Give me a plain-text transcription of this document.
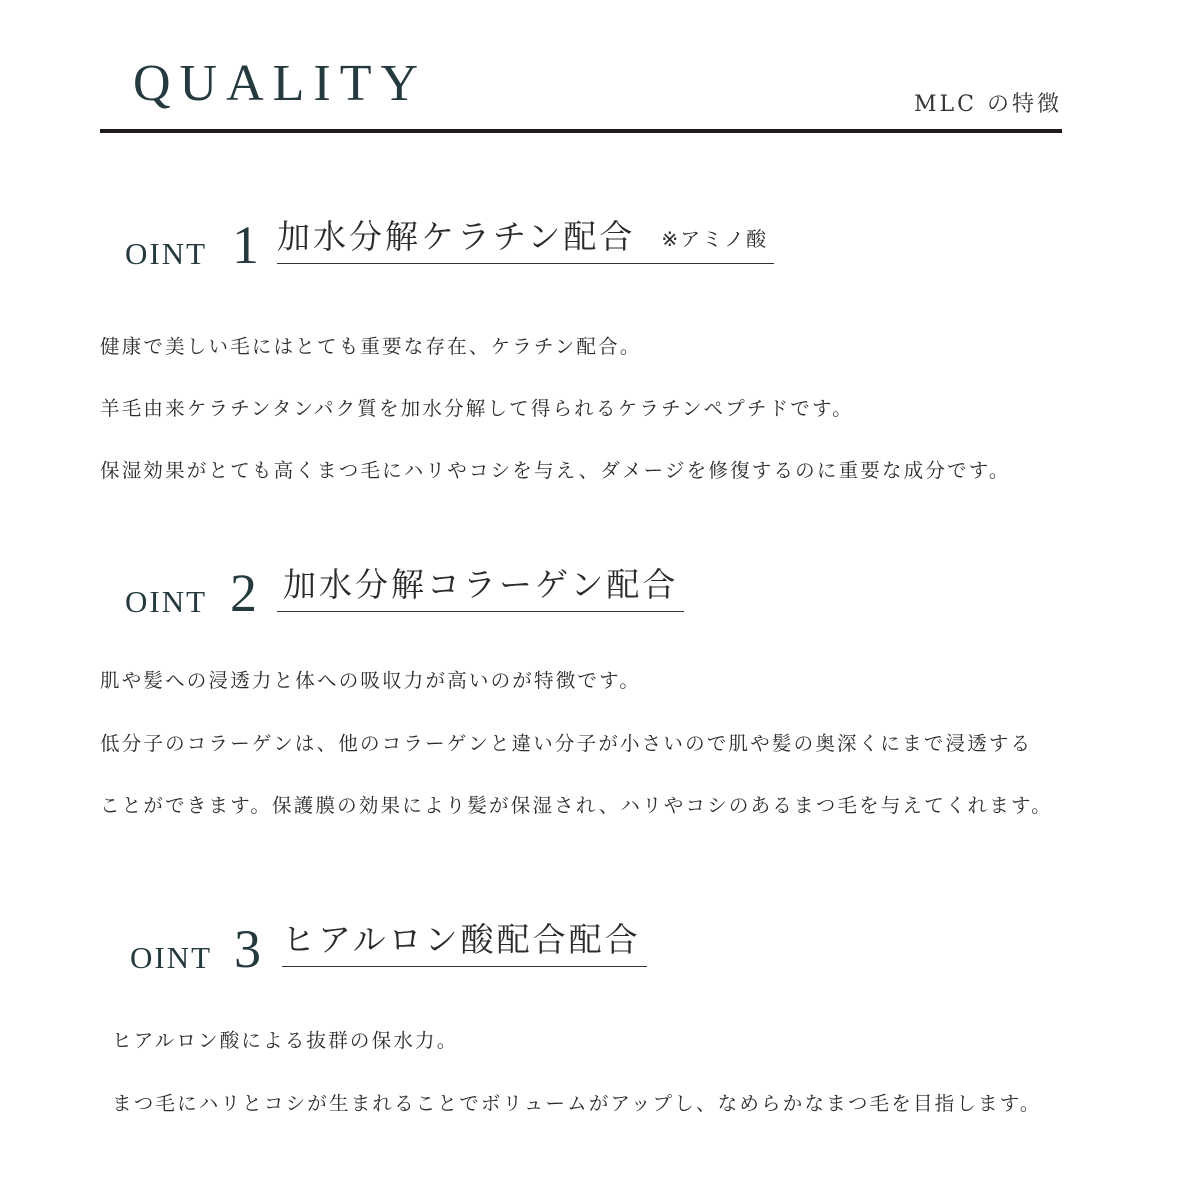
QUALITY	MLC の特徴
OINT 1 加水分解ケラチン配合 ※アミノ酸
健康で美しい毛にはとても重要な存在、ケラチン配合。
羊毛由来ケラチンタンパク質を加水分解して得られるケラチンペプチドです。
保湿効果がとても高くまつ毛にハリやコシを与え、ダメージを修復するのに重要な成分です。
OINT 2 加水分解コラーゲン配合
肌や髪への浸透力と体への吸収力が高いのが特徴です。
低分子のコラーゲンは、他のコラーゲンと違い分子が小さいので肌や髪の奥深くにまで浸透する
ことができます。保護膜の効果により髪が保湿され、ハリやコシのあるまつ毛を与えてくれます。
OINT 3 ヒアルロン酸配合配合
ヒアルロン酸による抜群の保水力。
まつ毛にハリとコシが生まれることでボリュームがアップし、なめらかなまつ毛を目指します。
